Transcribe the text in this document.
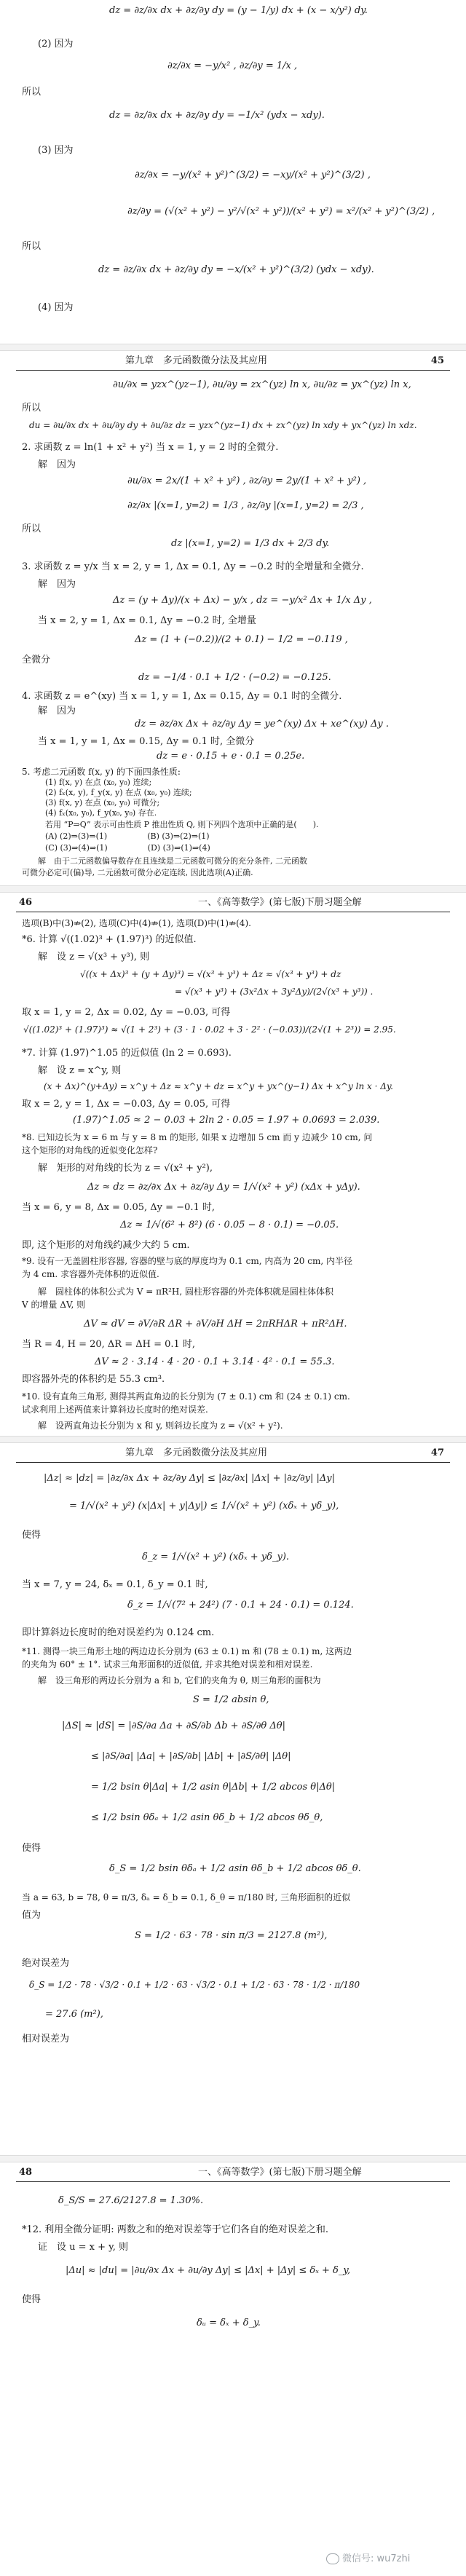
dz = ∂z/∂x dx + ∂z/∂y dy = (y − 1/y) dx + (x − x/y²) dy.
(2) 因为
∂z/∂x = −y/x² , ∂z/∂y = 1/x ,
所以
dz = ∂z/∂x dx + ∂z/∂y dy = −1/x² (ydx − xdy).
(3) 因为
∂z/∂x = −y/(x² + y²)^(3/2) = −xy/(x² + y²)^(3/2) ,
∂z/∂y = (√(x² + y²) − y²/√(x² + y²))/(x² + y²) = x²/(x² + y²)^(3/2) ,
所以
dz = ∂z/∂x dx + ∂z/∂y dy = −x/(x² + y²)^(3/2) (ydx − xdy).
(4) 因为
第九章　多元函数微分法及其应用	45
∂u/∂x = yzx^(yz−1), ∂u/∂y = zx^(yz) ln x, ∂u/∂z = yx^(yz) ln x,
所以
du = ∂u/∂x dx + ∂u/∂y dy + ∂u/∂z dz = yzx^(yz−1) dx + zx^(yz) ln xdy + yx^(yz) ln xdz.
2. 求函数 z = ln(1 + x² + y²) 当 x = 1, y = 2 时的全微分.
解　因为
∂u/∂x = 2x/(1 + x² + y²) , ∂z/∂y = 2y/(1 + x² + y²) ,
∂z/∂x |(x=1, y=2) = 1/3 , ∂z/∂y |(x=1, y=2) = 2/3 ,
所以
dz |(x=1, y=2) = 1/3 dx + 2/3 dy.
3. 求函数 z = y/x 当 x = 2, y = 1, Δx = 0.1, Δy = −0.2 时的全增量和全微分.
解　因为
Δz = (y + Δy)/(x + Δx) − y/x , dz = −y/x² Δx + 1/x Δy ,
当 x = 2, y = 1, Δx = 0.1, Δy = −0.2 时, 全增量
Δz = (1 + (−0.2))/(2 + 0.1) − 1/2 = −0.119 ,
全微分
dz = −1/4 · 0.1 + 1/2 · (−0.2) = −0.125.
4. 求函数 z = e^(xy) 当 x = 1, y = 1, Δx = 0.15, Δy = 0.1 时的全微分.
解　因为
dz = ∂z/∂x Δx + ∂z/∂y Δy = ye^(xy) Δx + xe^(xy) Δy .
当 x = 1, y = 1, Δx = 0.15, Δy = 0.1 时, 全微分
dz = e · 0.15 + e · 0.1 = 0.25e.
5. 考虑二元函数 f(x, y) 的下面四条性质:
(1) f(x, y) 在点 (x₀, y₀) 连续;
(2) fₓ(x, y), f_y(x, y) 在点 (x₀, y₀) 连续;
(3) f(x, y) 在点 (x₀, y₀) 可微分;
(4) fₓ(x₀, y₀), f_y(x₀, y₀) 存在.
若用 “P⇒Q” 表示可由性质 P 推出性质 Q, 则下列四个选项中正确的是(　　).
(A) (2)⇒(3)⇒(1)　　　　　(B) (3)⇒(2)⇒(1)
(C) (3)⇒(4)⇒(1)　　　　　(D) (3)⇒(1)⇒(4)
解　由于二元函数偏导数存在且连续是二元函数可微分的充分条件, 二元函数
可微分必定可(偏)导, 二元函数可微分必定连续, 因此选项(A)正确.
46	一、《高等数学》(第七版)下册习题全解
选项(B)中(3)⇏(2), 选项(C)中(4)⇏(1), 选项(D)中(1)⇏(4).
*6. 计算 √((1.02)³ + (1.97)³) 的近似值.
解　设 z = √(x³ + y³), 则
√((x + Δx)³ + (y + Δy)³) = √(x³ + y³) + Δz ≈ √(x³ + y³) + dz
= √(x³ + y³) + (3x²Δx + 3y²Δy)/(2√(x³ + y³)) .
取 x = 1, y = 2, Δx = 0.02, Δy = −0.03, 可得
√((1.02)³ + (1.97)³) ≈ √(1 + 2³) + (3 · 1 · 0.02 + 3 · 2² · (−0.03))/(2√(1 + 2³)) = 2.95.
*7. 计算 (1.97)^1.05 的近似值 (ln 2 = 0.693).
解　设 z = x^y, 则
(x + Δx)^(y+Δy) = x^y + Δz ≈ x^y + dz = x^y + yx^(y−1) Δx + x^y ln x · Δy.
取 x = 2, y = 1, Δx = −0.03, Δy = 0.05, 可得
(1.97)^1.05 ≈ 2 − 0.03 + 2ln 2 · 0.05 = 1.97 + 0.0693 = 2.039.
*8. 已知边长为 x = 6 m 与 y = 8 m 的矩形, 如果 x 边增加 5 cm 而 y 边减少 10 cm, 问
这个矩形的对角线的近似变化怎样?
解　矩形的对角线的长为 z = √(x² + y²),
Δz ≈ dz = ∂z/∂x Δx + ∂z/∂y Δy = 1/√(x² + y²) (xΔx + yΔy).
当 x = 6, y = 8, Δx = 0.05, Δy = −0.1 时,
Δz ≈ 1/√(6² + 8²) (6 · 0.05 − 8 · 0.1) = −0.05.
即, 这个矩形的对角线约减少大约 5 cm.
*9. 设有一无盖圆柱形容器, 容器的壁与底的厚度均为 0.1 cm, 内高为 20 cm, 内半径
为 4 cm. 求容器外壳体积的近似值.
解　圆柱体的体积公式为 V = πR²H, 圆柱形容器的外壳体积就是圆柱体体积
V 的增量 ΔV, 则
ΔV ≈ dV = ∂V/∂R ΔR + ∂V/∂H ΔH = 2πRHΔR + πR²ΔH.
当 R = 4, H = 20, ΔR = ΔH = 0.1 时,
ΔV ≈ 2 · 3.14 · 4 · 20 · 0.1 + 3.14 · 4² · 0.1 = 55.3.
即容器外壳的体积约是 55.3 cm³.
*10. 设有直角三角形, 测得其两直角边的长分别为 (7 ± 0.1) cm 和 (24 ± 0.1) cm.
试求利用上述两值来计算斜边长度时的绝对误差.
解　设两直角边长分别为 x 和 y, 则斜边长度为 z = √(x² + y²).
第九章　多元函数微分法及其应用	47
|Δz| ≈ |dz| = |∂z/∂x Δx + ∂z/∂y Δy| ≤ |∂z/∂x| |Δx| + |∂z/∂y| |Δy|
= 1/√(x² + y²) (x|Δx| + y|Δy|) ≤ 1/√(x² + y²) (xδₓ + yδ_y),
使得
δ_z = 1/√(x² + y²) (xδₓ + yδ_y).
当 x = 7, y = 24, δₓ = 0.1, δ_y = 0.1 时,
δ_z = 1/√(7² + 24²) (7 · 0.1 + 24 · 0.1) = 0.124.
即计算斜边长度时的绝对误差约为 0.124 cm.
*11. 测得一块三角形土地的两边边长分别为 (63 ± 0.1) m 和 (78 ± 0.1) m, 这两边
的夹角为 60° ± 1°. 试求三角形面积的近似值, 并求其绝对误差和相对误差.
解　设三角形的两边长分别为 a 和 b, 它们的夹角为 θ, 则三角形的面积为
S = 1/2 absin θ,
|ΔS| ≈ |dS| = |∂S/∂a Δa + ∂S/∂b Δb + ∂S/∂θ Δθ|
≤ |∂S/∂a| |Δa| + |∂S/∂b| |Δb| + |∂S/∂θ| |Δθ|
= 1/2 bsin θ|Δa| + 1/2 asin θ|Δb| + 1/2 abcos θ|Δθ|
≤ 1/2 bsin θδₐ + 1/2 asin θδ_b + 1/2 abcos θδ_θ,
使得
δ_S = 1/2 bsin θδₐ + 1/2 asin θδ_b + 1/2 abcos θδ_θ.
当 a = 63, b = 78, θ = π/3, δₐ = δ_b = 0.1, δ_θ = π/180 时, 三角形面积的近似
值为
S = 1/2 · 63 · 78 · sin π/3 = 2127.8 (m²),
绝对误差为
δ_S = 1/2 · 78 · √3/2 · 0.1 + 1/2 · 63 · √3/2 · 0.1 + 1/2 · 63 · 78 · 1/2 · π/180
= 27.6 (m²),
相对误差为
48	一、《高等数学》(第七版)下册习题全解
δ_S/S = 27.6/2127.8 = 1.30%.
*12. 利用全微分证明: 两数之和的绝对误差等于它们各自的绝对误差之和.
证　设 u = x + y, 则
|Δu| ≈ |du| = |∂u/∂x Δx + ∂u/∂y Δy| ≤ |Δx| + |Δy| ≤ δₓ + δ_y,
使得
δᵤ = δₓ + δ_y.
微信号: wu7zhi
